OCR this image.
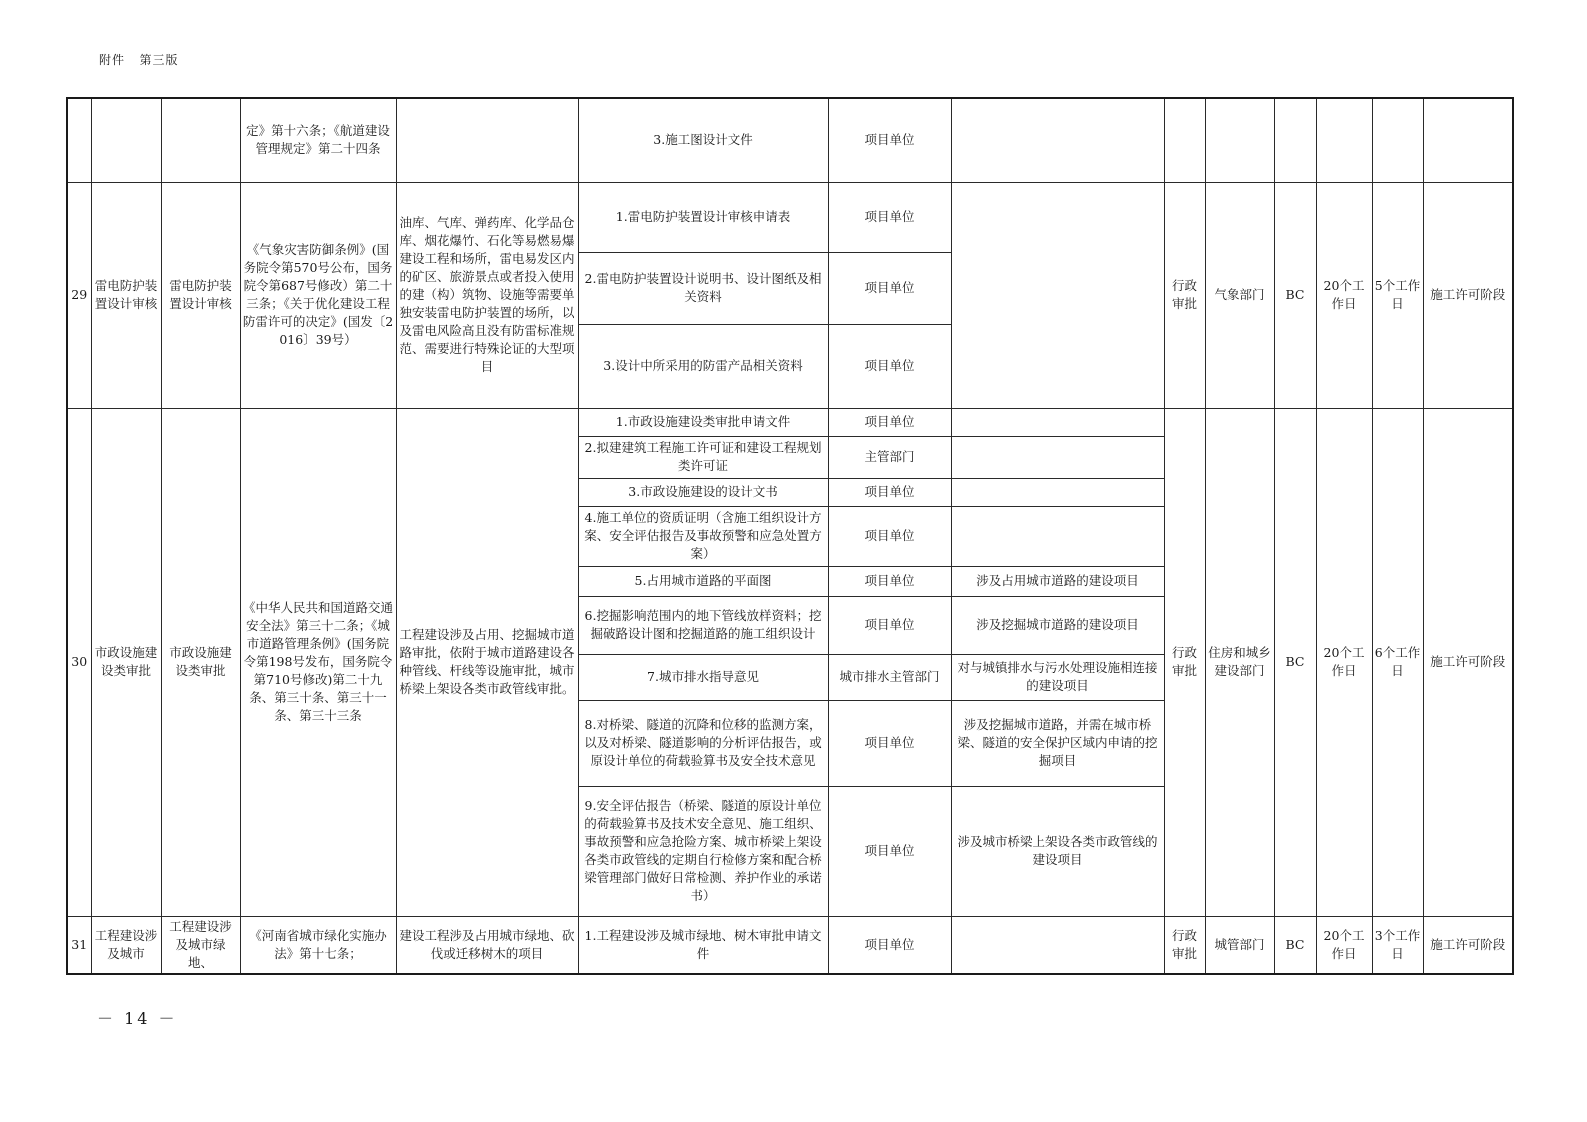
附件 第三版
			定》第十六条；《航道建设管理规定》第二十四条		3.施工图设计文件	项目单位							
29	雷电防护装置设计审核	雷电防护装置设计审核	《气象灾害防御条例》(国务院令第570号公布，国务院令第687号修改）第二十三条；《关于优化建设工程防雷许可的决定》(国发〔2016〕39号）	油库、气库、弹药库、化学品仓库、烟花爆竹、石化等易燃易爆建设工程和场所，雷电易发区内的矿区、旅游景点或者投入使用的建（构）筑物、设施等需要单独安装雷电防护装置的场所，以及雷电风险高且没有防雷标准规范、需要进行特殊论证的大型项目	1.雷电防护装置设计审核申请表	项目单位		行政审批	气象部门	BC	20个工作日	5个工作日	施工许可阶段
					2.雷电防护装置设计说明书、设计图纸及相关资料	项目单位							
					3.设计中所采用的防雷产品相关资料	项目单位							
30	市政设施建设类审批	市政设施建设类审批	《中华人民共和国道路交通安全法》第三十二条；《城市道路管理条例》(国务院令第198号发布，国务院令第710号修改)第二十九条、第三十条、第三十一条、第三十三条	工程建设涉及占用、挖掘城市道路审批，依附于城市道路建设各种管线、杆线等设施审批，城市桥梁上架设各类市政管线审批。	1.市政设施建设类审批申请文件	项目单位		行政审批	住房和城乡建设部门	BC	20个工作日	6个工作日	施工许可阶段
					2.拟建建筑工程施工许可证和建设工程规划类许可证	主管部门							
					3.市政设施建设的设计文书	项目单位							
					4.施工单位的资质证明（含施工组织设计方案、安全评估报告及事故预警和应急处置方案）	项目单位							
					5.占用城市道路的平面图	项目单位	涉及占用城市道路的建设项目						
					6.挖掘影响范围内的地下管线放样资料；挖掘破路设计图和挖掘道路的施工组织设计	项目单位	涉及挖掘城市道路的建设项目						
					7.城市排水指导意见	城市排水主管部门	对与城镇排水与污水处理设施相连接的建设项目						
					8.对桥梁、隧道的沉降和位移的监测方案，以及对桥梁、隧道影响的分析评估报告，或原设计单位的荷载验算书及安全技术意见	项目单位	涉及挖掘城市道路，并需在城市桥梁、隧道的安全保护区域内申请的挖掘项目						
					9.安全评估报告（桥梁、隧道的原设计单位的荷载验算书及技术安全意见、施工组织、事故预警和应急抢险方案、城市桥梁上架设各类市政管线的定期自行检修方案和配合桥梁管理部门做好日常检测、养护作业的承诺书）	项目单位	涉及城市桥梁上架设各类市政管线的建设项目						
31	工程建设涉及城市	工程建设涉及城市绿地、	《河南省城市绿化实施办法》第十七条；	建设工程涉及占用城市绿地、砍伐或迁移树木的项目	1.工程建设涉及城市绿地、树木审批申请文件	项目单位		行政审批	城管部门	BC	20个工作日	3个工作日	施工许可阶段
－ 14 －
